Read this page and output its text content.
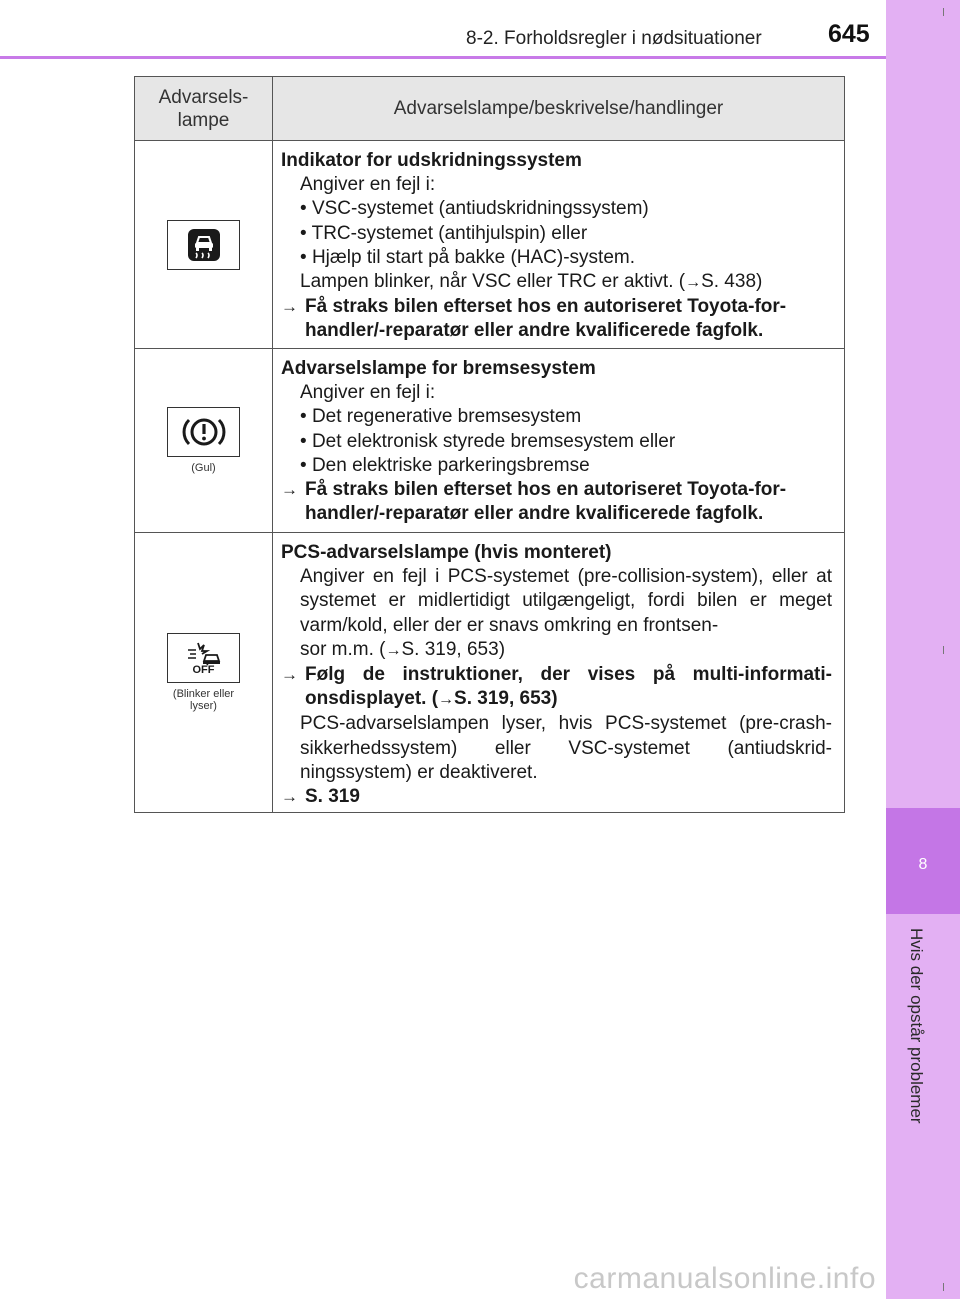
8-2. Forholdsregler i nødsituationer	645
8
Hvis der opstår problemer
Advarsels-
lampe
Advarselslampe/beskrivelse/handlinger
Indikator for udskridningssystem
Angiver en fejl i:
• VSC-systemet (antiudskridningssystem)
• TRC-systemet (antihjulspin) eller
• Hjælp til start på bakke (HAC)-system.
Lampen blinker, når VSC eller TRC er aktivt. (→S. 438)
→ Få straks bilen efterset hos en autoriseret Toyota-for-
handler/-reparatør eller andre kvalificerede fagfolk.
(Gul)
Advarselslampe for bremsesystem
Angiver en fejl i:
• Det regenerative bremsesystem
• Det elektronisk styrede bremsesystem eller
• Den elektriske parkeringsbremse
→ Få straks bilen efterset hos en autoriseret Toyota-for-
handler/-reparatør eller andre kvalificerede fagfolk.
OFF
(Blinker eller lyser)
PCS-advarselslampe (hvis monteret)
Angiver en fejl i PCS-systemet (pre-collision-system), eller at systemet er midlertidigt utilgængeligt, fordi bilen er meget varm/kold, eller der er snavs omkring en frontsen-
sor m.m. (→S. 319, 653)
→ Følg de instruktioner, der vises på multi-informati-
onsdisplayet. (→S. 319, 653)
PCS-advarselslampen lyser, hvis PCS-systemet (pre-crash-sikkerhedssystem) eller VSC-systemet (antiudskrid-ningssystem) er deaktiveret.
→ S. 319
carmanualsonline.info
